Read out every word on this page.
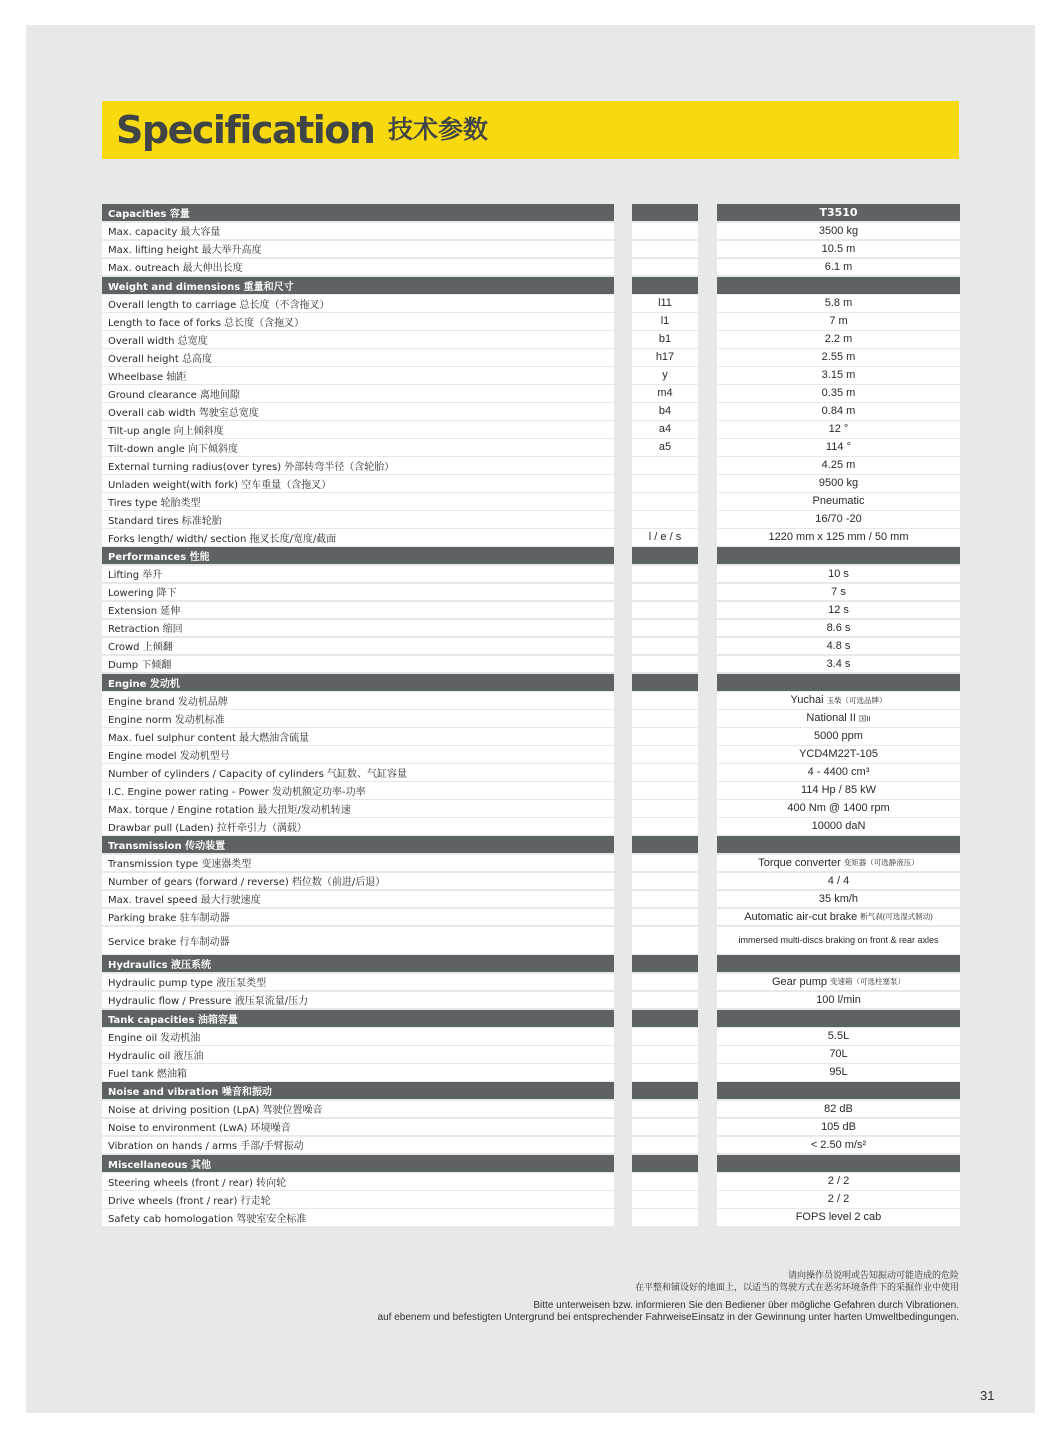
Specification 技术参数
Capacities 容量	T3510
Max. capacity 最大容量	3500 kg
Max. lifting height 最大举升高度	10.5 m
Max. outreach 最大伸出长度	6.1 m
Weight and dimensions 重量和尺寸
Overall length to carriage 总长度（不含拖叉）	l11	5.8 m
Length to face of forks 总长度（含拖叉）	l1	7 m
Overall width 总宽度	b1	2.2 m
Overall height 总高度	h17	2.55 m
Wheelbase 轴距	y	3.15 m
Ground clearance 离地间隙	m4	0.35 m
Overall cab width 驾驶室总宽度	b4	0.84 m
Tilt-up angle 向上倾斜度	a4	12 °
Tilt-down angle 向下倾斜度	a5	114 °
External turning radius(over tyres) 外部转弯半径（含轮胎）	4.25 m
Unladen weight(with fork) 空车重量（含拖叉）	9500 kg
Tires type 轮胎类型	Pneumatic
Standard tires 标准轮胎	16/70 -20
Forks length/ width/ section 拖叉长度/宽度/截面	l / e / s	1220 mm x 125 mm / 50 mm
Performances 性能
Lifting 举升	10 s
Lowering 降下	7 s
Extension 延伸	12 s
Retraction 缩回	8.6 s
Crowd 上倾翻	4.8 s
Dump 下倾翻	3.4 s
Engine 发动机
Engine brand 发动机品牌	Yuchai 玉柴（可选品牌）
Engine norm 发动机标准	National II 国II
Max. fuel sulphur content 最大燃油含硫量	5000 ppm
Engine model 发动机型号	YCD4M22T-105
Number of cylinders / Capacity of cylinders 气缸数、气缸容量	4 - 4400 cm³
I.C. Engine power rating - Power 发动机额定功率-功率	114 Hp / 85 kW
Max. torque / Engine rotation 最大扭矩/发动机转速	400 Nm @ 1400 rpm
Drawbar pull (Laden) 拉杆牵引力（满载）	10000 daN
Transmission 传动装置
Transmission type 变速器类型	Torque converter 变矩器（可选静液压）
Number of gears (forward / reverse) 档位数（前进/后退）	4 / 4
Max. travel speed 最大行驶速度	35 km/h
Parking brake 驻车制动器	Automatic air-cut brake 断气刹(可选湿式制动)
Service brake 行车制动器	immersed multi-discs braking on front & rear axles
Hydraulics 液压系统
Hydraulic pump type 液压泵类型	Gear pump 变速箱（可选柱塞泵）
Hydraulic flow / Pressure 液压泵流量/压力	100 l/min
Tank capacities 油箱容量
Engine oil 发动机油	5.5L
Hydraulic oil 液压油	70L
Fuel tank 燃油箱	95L
Noise and vibration 噪音和振动
Noise at driving position (LpA) 驾驶位置噪音	82 dB
Noise to environment (LwA) 环境噪音	105 dB
Vibration on hands / arms 手部/手臂振动	< 2.50 m/s²
Miscellaneous 其他
Steering wheels (front / rear) 转向轮	2 / 2
Drive wheels (front / rear) 行走轮	2 / 2
Safety cab homologation 驾驶室安全标准	FOPS level 2 cab
请向操作员说明或告知振动可能造成的危险
在平整和铺设好的地面上，以适当的驾驶方式在恶劣环境条件下的采掘作业中使用
Bitte unterweisen bzw. informieren Sie den Bediener über mögliche Gefahren durch Vibrationen.
auf ebenem und befestigten Untergrund bei entsprechender FahrweiseEinsatz in der Gewinnung unter harten Umweltbedingungen.
31
